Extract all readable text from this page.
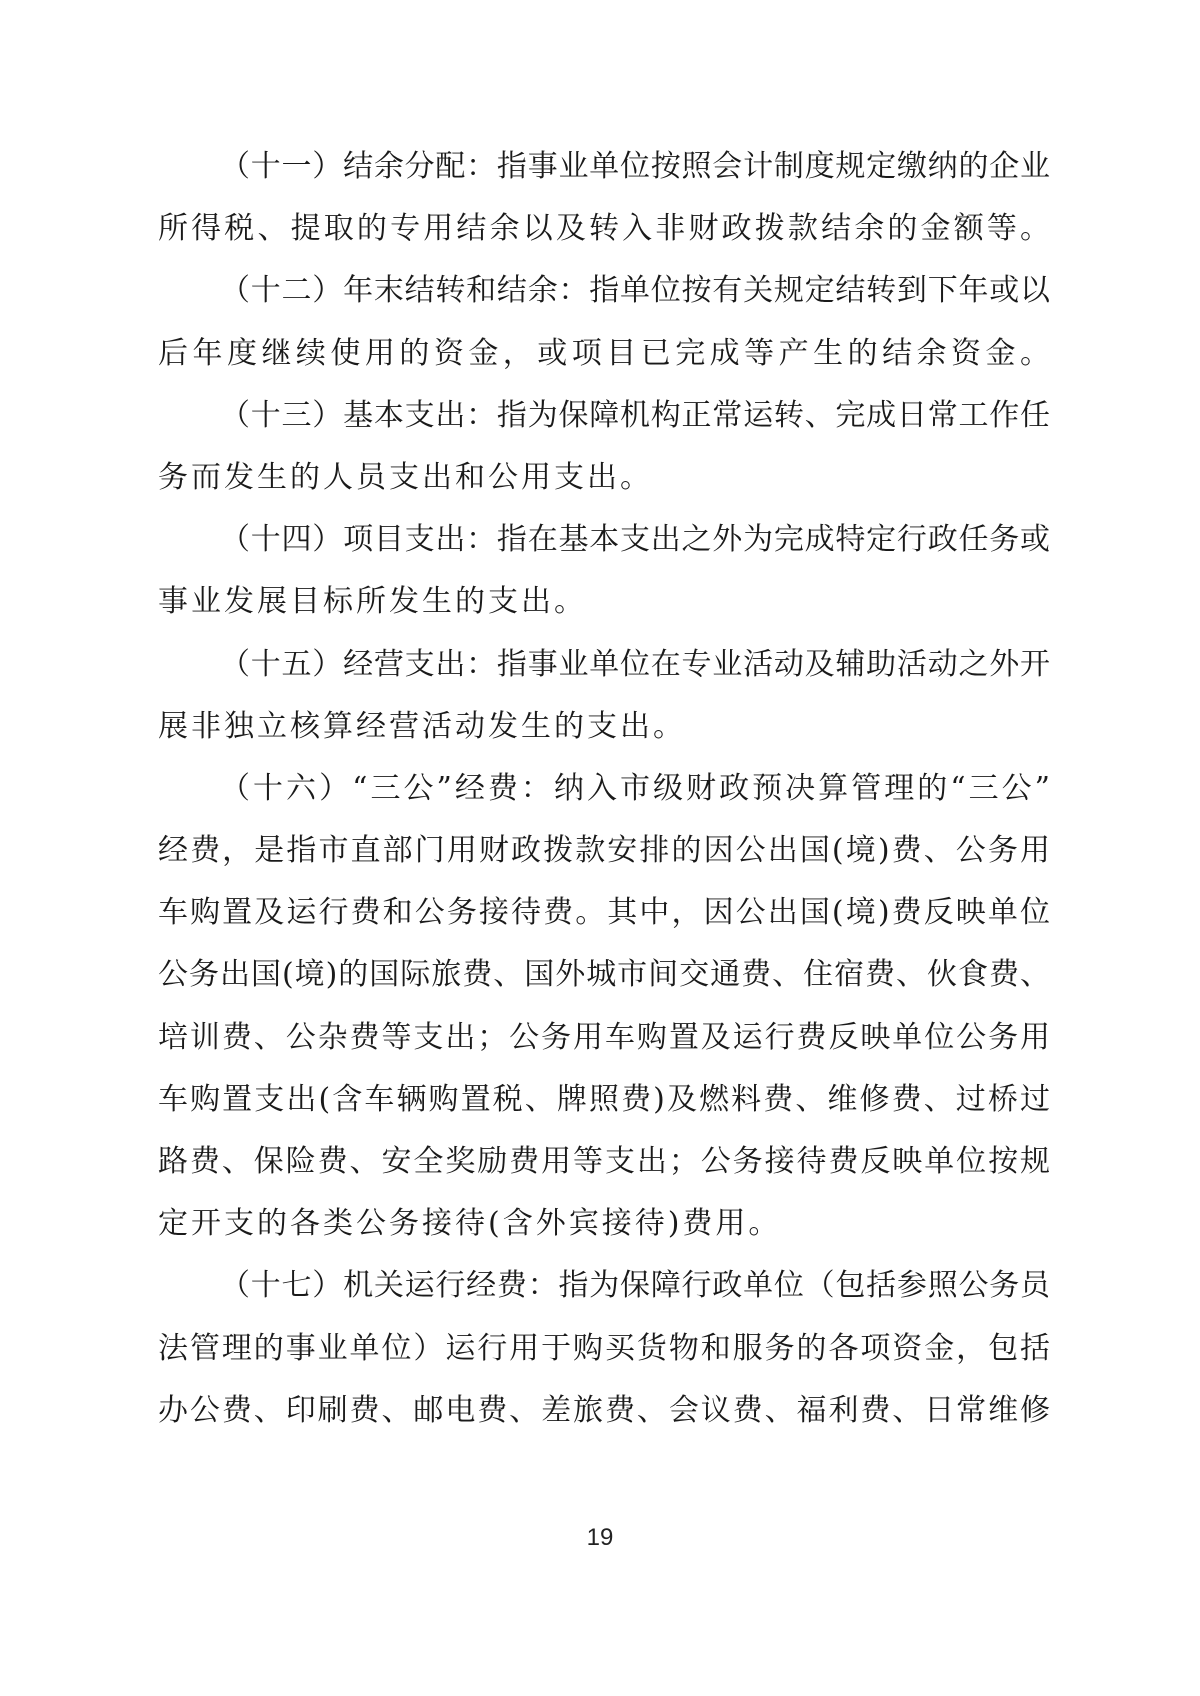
（十一）结余分配：指事业单位按照会计制度规定缴纳的企业
所得税、提取的专用结余以及转入非财政拨款结余的金额等。
（十二）年末结转和结余：指单位按有关规定结转到下年或以
后年度继续使用的资金，或项目已完成等产生的结余资金。
（十三）基本支出：指为保障机构正常运转、完成日常工作任
务而发生的人员支出和公用支出。
（十四）项目支出：指在基本支出之外为完成特定行政任务或
事业发展目标所发生的支出。
（十五）经营支出：指事业单位在专业活动及辅助活动之外开
展非独立核算经营活动发生的支出。
（十六）“三公”经费：纳入市级财政预决算管理的“三公”
经费，是指市直部门用财政拨款安排的因公出国(境)费、公务用
车购置及运行费和公务接待费。其中，因公出国(境)费反映单位
公务出国(境)的国际旅费、国外城市间交通费、住宿费、伙食费、
培训费、公杂费等支出；公务用车购置及运行费反映单位公务用
车购置支出(含车辆购置税、牌照费)及燃料费、维修费、过桥过
路费、保险费、安全奖励费用等支出；公务接待费反映单位按规
定开支的各类公务接待(含外宾接待)费用。
（十七）机关运行经费：指为保障行政单位（包括参照公务员
法管理的事业单位）运行用于购买货物和服务的各项资金，包括
办公费、印刷费、邮电费、差旅费、会议费、福利费、日常维修
19
